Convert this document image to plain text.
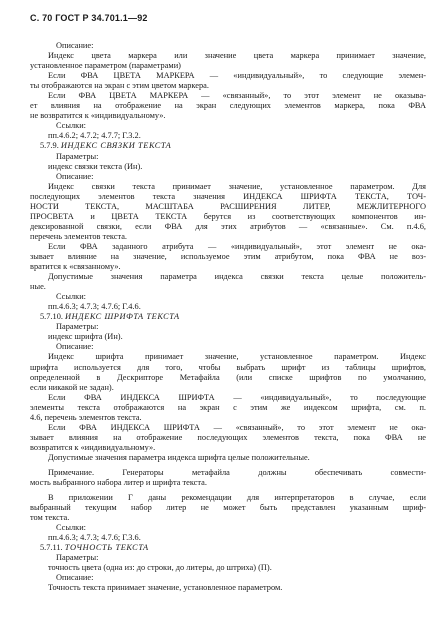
С. 70 ГОСТ Р 34.701.1—92
Описание:
Индекс цвета маркера или значение цвета маркера принимает значение,
установленное параметром (параметрами)
Если ФВА ЦВЕТА МАРКЕРА — «индивидуальный», то следующие элемен-
ты отображаются на экран с этим цветом маркера.
Если ФВА ЦВЕТА МАРКЕРА — «связанный», то этот элемент не оказыва-
ет влияния на отображение на экран следующих элементов маркера, пока ФВА
не возвратится к «индивидуальному».
Ссылки:
пп.4.6.2; 4.7.2; 4.7.7; Г.3.2.
5.7.9. ИНДЕКС СВЯЗКИ ТЕКСТА
Параметры:
индекс связки текста (Ин).
Описание:
Индекс связки текста принимает значение, установленное параметром. Для
последующих элементов текста значения ИНДЕКСА ШРИФТА ТЕКСТА, ТОЧ-
НОСТИ ТЕКСТА, МАСШТАБА РАСШИРЕНИЯ ЛИТЕР, МЕЖЛИТЕРНОГО
ПРОСВЕТА и ЦВЕТА ТЕКСТА берутся из соответствующих компонентов ин-
дексированной связки, если ФВА для этих атрибутов — «связанные». См. п.4.6,
перечень элементов текста.
Если ФВА заданного атрибута — «индивидуальный», этот элемент не ока-
зывает влияние на значение, используемое этим атрибутом, пока ФВА не воз-
вратится к «связанному».
Допустимые значения параметра индекса связки текста целые положитель-
ные.
Ссылки:
пп.4.6.3; 4.7.3; 4.7.6; Г.4.6.
5.7.10. ИНДЕКС ШРИФТА ТЕКСТА
Параметры:
индекс шрифта (Ин).
Описание:
Индекс шрифта принимает значение, установленное параметром. Индекс
шрифта используется для того, чтобы выбрать шрифт из таблицы шрифтов,
определенной в Дескрипторе Метафайла (или списке шрифтов по умолчанию,
если никакой не задан).
Если ФВА ИНДЕКСА ШРИФТА — «индивидуальный», то последующие
элементы текста отображаются на экран с этим же индексом шрифта, см. п.
4.6, перечень элементов текста.
Если ФВА ИНДЕКСА ШРИФТА — «связанный», то этот элемент не ока-
зывает влияния на отображение последующих элементов текста, пока ФВА не
возвратится к «индивидуальному».
Допустимые значения параметра индекса шрифта целые положительные.
Примечание. Генераторы метафайла должны обеспечивать совмести-
мость выбранного набора литер и шрифта текста.
В приложении Г даны рекомендации для интерпретаторов в случае, если
выбранный текущим набор литер не может быть представлен указанным шриф-
том текста.
Ссылки:
пп.4.6.3; 4.7.3; 4.7.6; Г.3.6.
5.7.11. ТОЧНОСТЬ ТЕКСТА
Параметры:
точность цвета (одна из: до строки, до литеры, до штриха) (П).
Описание:
Точность текста принимает значение, установленное параметром.
